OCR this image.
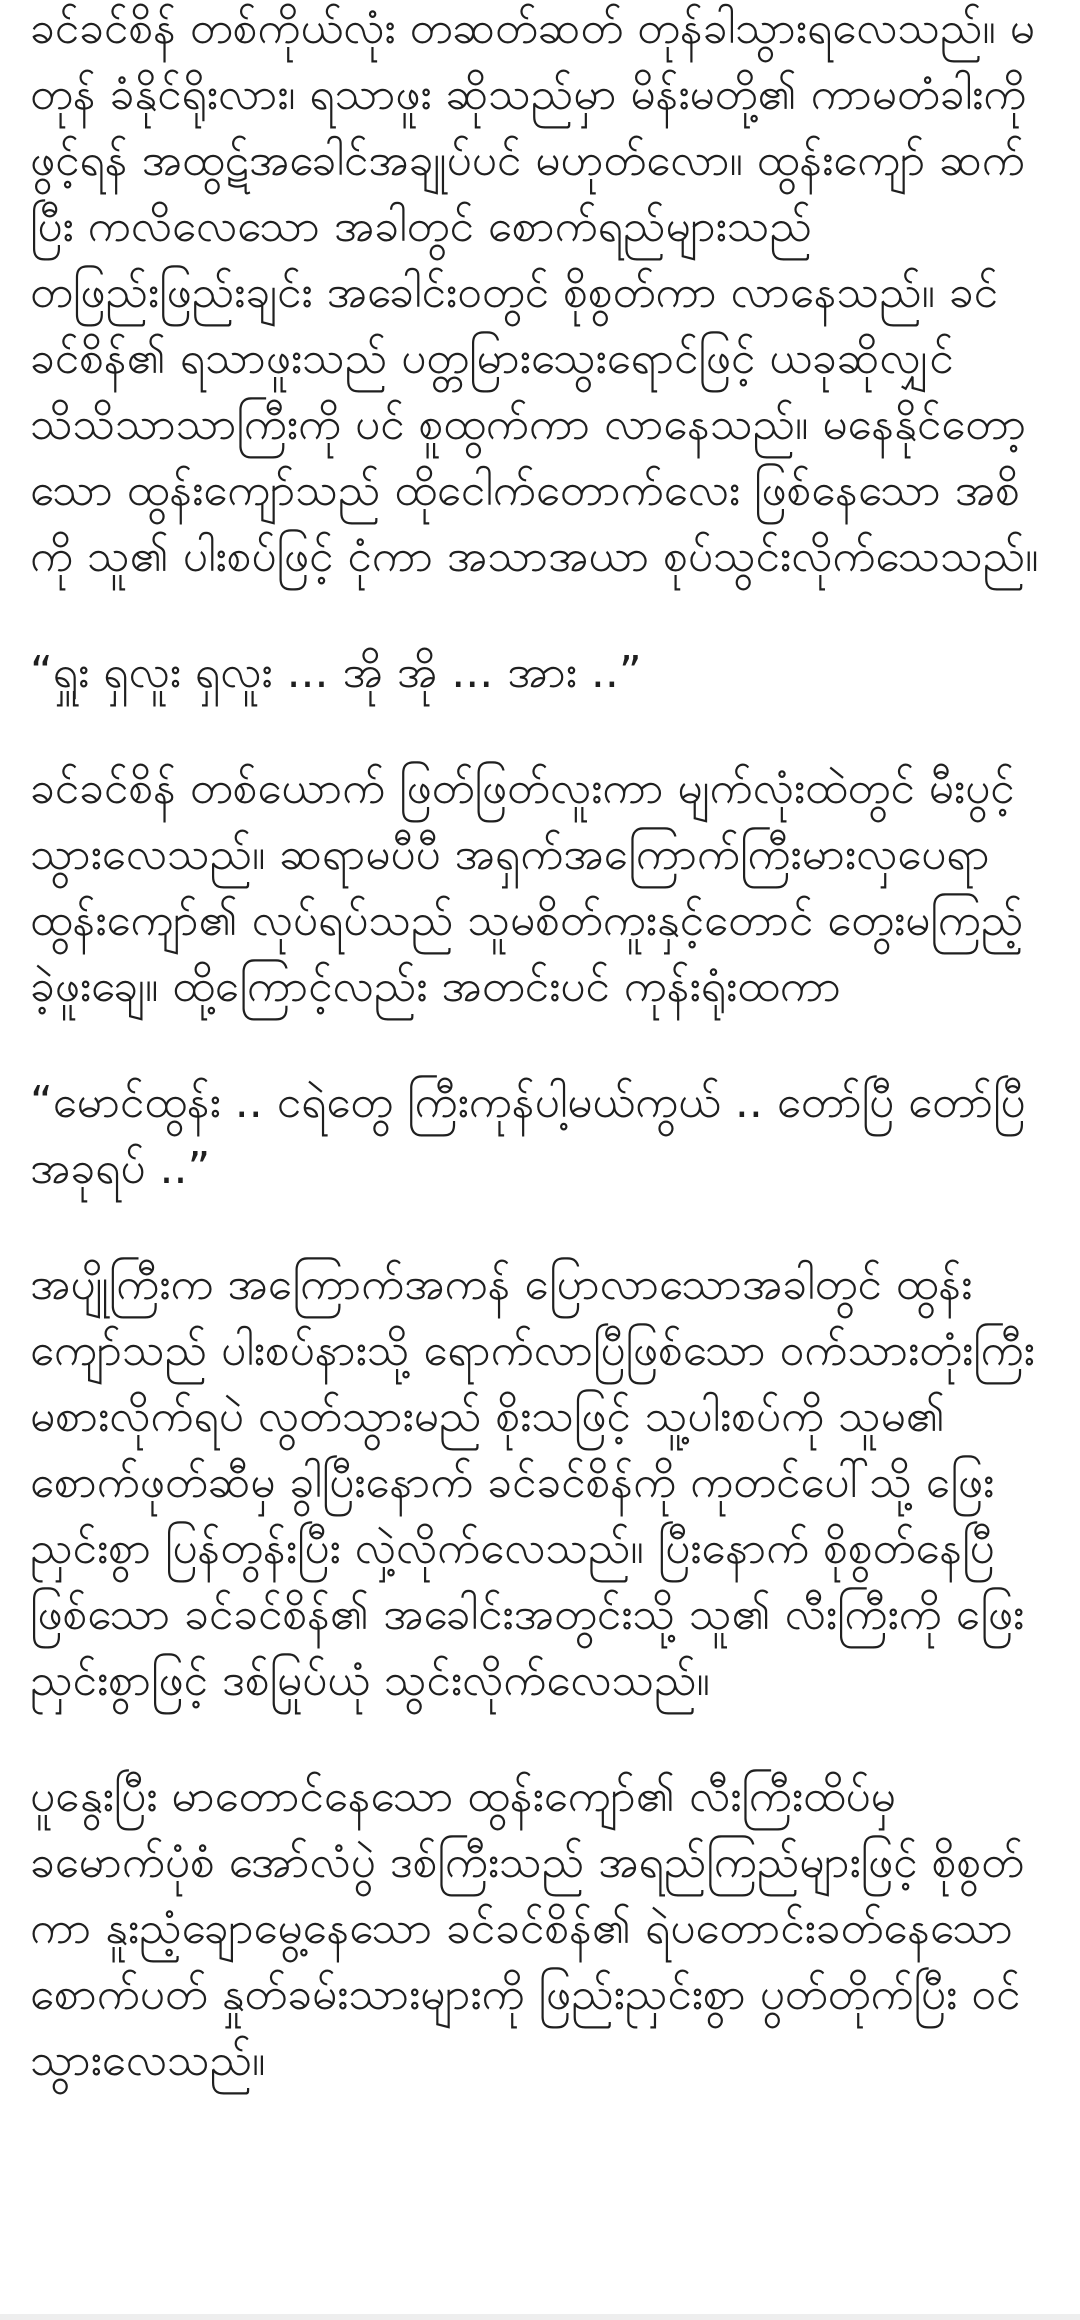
ခင်ခင်စိန် တစ်ကိုယ်လုံး တဆတ်ဆတ် တုန်ခါသွားရလေသည်။ မတုန် ခံနိုင်ရိုးလား၊ ရသာဖူး ဆိုသည်မှာ မိန်းမတို့၏ ကာမတံခါးကို ဖွင့်ရန် အထွဋ်အခေါင်အချုပ်ပင် မဟုတ်လော။ ထွန်းကျော် ဆက်ပြီး ကလိလေသော အခါတွင် စောက်ရည်များသည် တဖြည်းဖြည်းချင်း အခေါင်း၀တွင် စိုစွတ်ကာ လာနေသည်။ ခင်ခင်စိန်၏ ရသာဖူးသည် ပတ္တမြားသွေးရောင်ဖြင့် ယခုဆိုလျှင် သိသိသာသာကြီးကို ပင် စူထွက်ကာ လာနေသည်။ မနေနိုင်တော့သော ထွန်းကျော်သည် ထိုငေါက်တောက်လေး ဖြစ်နေသော အစိကို သူ၏ ပါးစပ်ဖြင့် ငုံကာ အသာအယာ စုပ်သွင်းလိုက်သေသည်။

“ရှူး ရှလူး ရှလူး ... အို အို ... အား ..”

ခင်ခင်စိန် တစ်ယောက် ဖြတ်ဖြတ်လူးကာ မျက်လုံးထဲတွင် မီးပွင့်သွားလေသည်။ ဆရာမပီပီ အရှက်အကြောက်ကြီးမားလှပေရာ ထွန်းကျော်၏ လုပ်ရပ်သည် သူမစိတ်ကူးနှင့်တောင် တွေးမကြည့်ခဲ့ဖူးချေ။ ထို့ကြောင့်လည်း အတင်းပင် ကုန်းရုံးထကာ

“မောင်ထွန်း .. ငရဲတွေ ကြီးကုန်ပါ့မယ်ကွယ် .. တော်ပြီ တော်ပြီ အခုရပ် ..”

အပျိုကြီးက အကြောက်အကန် ပြောလာသောအခါတွင် ထွန်းကျော်သည် ပါးစပ်နားသို့ ရောက်လာပြီဖြစ်သော ၀က်သားတုံးကြီး မစားလိုက်ရပဲ လွတ်သွားမည် စိုးသဖြင့် သူ့ပါးစပ်ကို သူမ၏ စောက်ဖုတ်ဆီမှ ခွါပြီးနောက် ခင်ခင်စိန်ကို ကုတင်ပေါ်သို့ ဖြေးညှင်းစွာ ပြန်တွန်းပြီး လှဲ့လိုက်လေသည်။ ပြီးနောက် စိုစွတ်နေပြီ ဖြစ်သော ခင်ခင်စိန်၏ အခေါင်းအတွင်းသို့ သူ၏ လီးကြီးကို ဖြေးညှင်းစွာဖြင့် ဒစ်မြုပ်ယုံ သွင်းလိုက်လေသည်။

ပူနွေးပြီး မာတောင်နေသော ထွန်းကျော်၏ လီးကြီးထိပ်မှ ခမောက်ပုံစံ အော်လံပွဲ ဒစ်ကြီးသည် အရည်ကြည်များဖြင့် စိုစွတ်ကာ နူးညံ့ချောမွေ့နေသော ခင်ခင်စိန်၏ ရဲပတောင်းခတ်နေသော စောက်ပတ် နှုတ်ခမ်းသားများကို ဖြည်းညှင်းစွာ ပွတ်တိုက်ပြီး ၀င်သွားလေသည်။
